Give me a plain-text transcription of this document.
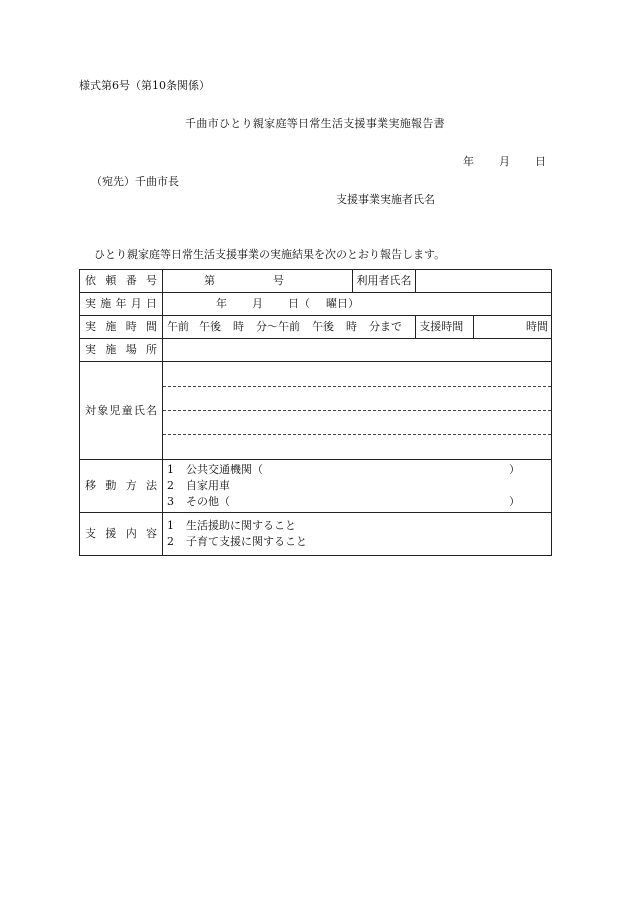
様式第6号（第10条関係）
千曲市ひとり親家庭等日常生活支援事業実施報告書
年 月 日
（宛先）千曲市長
支援事業実施者氏名
ひとり親家庭等日常生活支援事業の実施結果を次のとおり報告します。
依頼番号	第 号	利用者氏名		
実施年月日	年 月 日（ 曜日）			
実施時間	午前 午後 時 分〜午前 午後 時 分まで		支援時間	時間
実施場所				
対象児童氏名				

移動方法	1 公共交通機関（ ）
2 自家用車
3 その他（ ）			

支援内容	1 生活援助に関すること
2 子育て支援に関すること			
